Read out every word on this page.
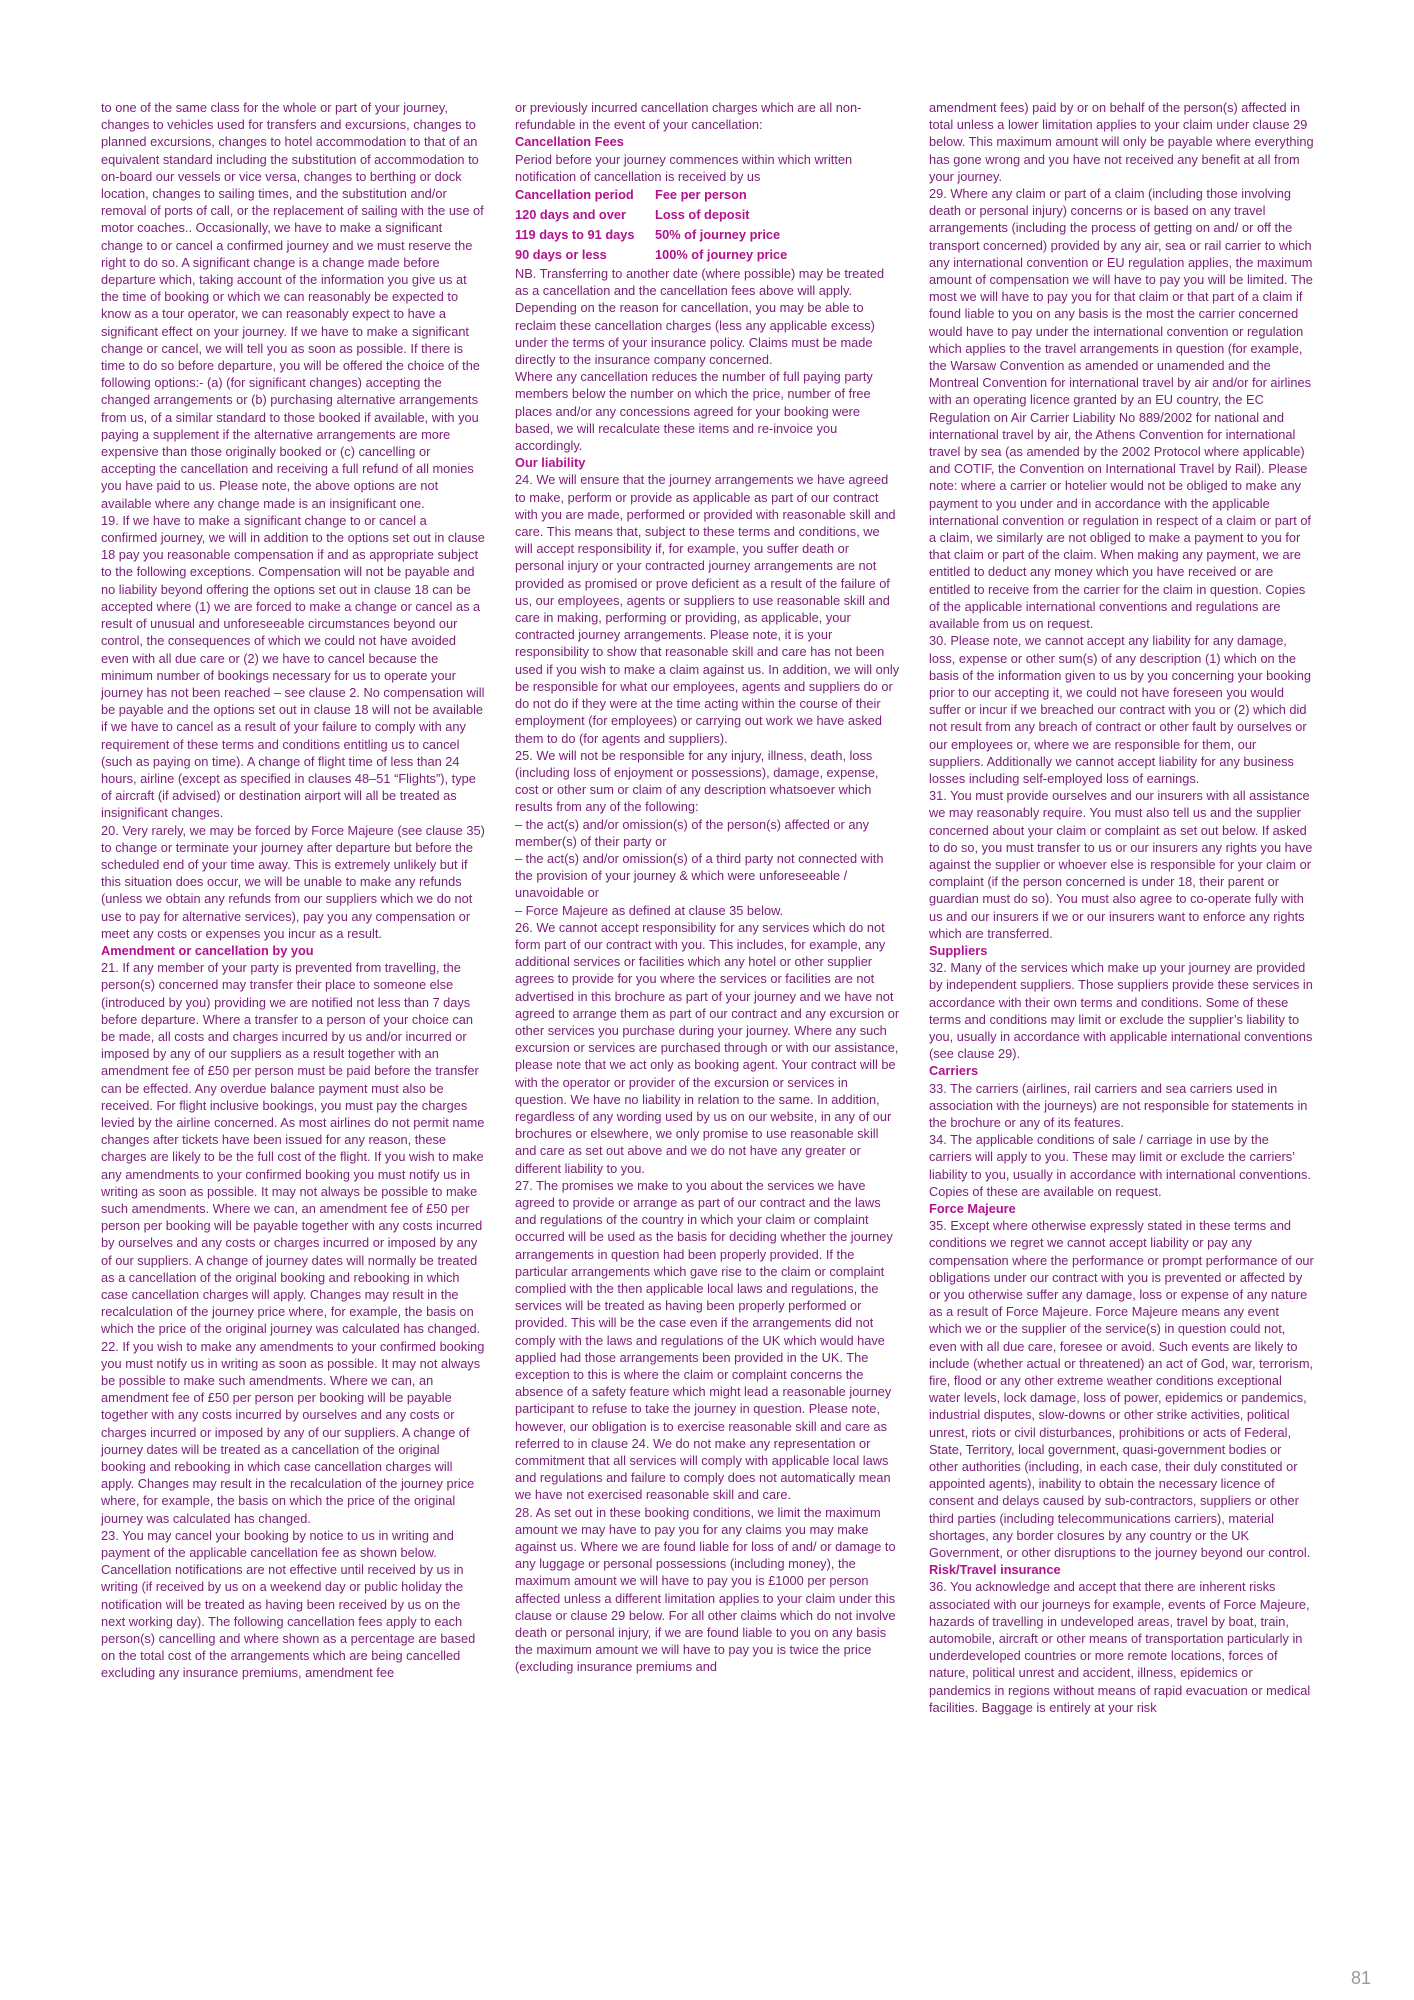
to one of the same class for the whole or part of your journey, changes to vehicles used for transfers and excursions, changes to planned excursions, changes to hotel accommodation to that of an equivalent standard including the substitution of accommodation to on-board our vessels or vice versa, changes to berthing or dock location, changes to sailing times, and the substitution and/or removal of ports of call, or the replacement of sailing with the use of motor coaches.. Occasionally, we have to make a significant change to or cancel a confirmed journey and we must reserve the right to do so. A significant change is a change made before departure which, taking account of the information you give us at the time of booking or which we can reasonably be expected to know as a tour operator, we can reasonably expect to have a significant effect on your journey. If we have to make a significant change or cancel, we will tell you as soon as possible. If there is time to do so before departure, you will be offered the choice of the following options:- (a) (for significant changes) accepting the changed arrangements or (b) purchasing alternative arrangements from us, of a similar standard to those booked if available, with you paying a supplement if the alternative arrangements are more expensive than those originally booked or (c) cancelling or accepting the cancellation and receiving a full refund of all monies you have paid to us. Please note, the above options are not available where any change made is an insignificant one.

19. If we have to make a significant change to or cancel a confirmed journey, we will in addition to the options set out in clause 18 pay you reasonable compensation if and as appropriate subject to the following exceptions. Compensation will not be payable and no liability beyond offering the options set out in clause 18 can be accepted where (1) we are forced to make a change or cancel as a result of unusual and unforeseeable circumstances beyond our control, the consequences of which we could not have avoided even with all due care or (2) we have to cancel because the minimum number of bookings necessary for us to operate your journey has not been reached – see clause 2. No compensation will be payable and the options set out in clause 18 will not be available if we have to cancel as a result of your failure to comply with any requirement of these terms and conditions entitling us to cancel (such as paying on time). A change of flight time of less than 24 hours, airline (except as specified in clauses 48–51 “Flights”), type of aircraft (if advised) or destination airport will all be treated as insignificant changes.

20. Very rarely, we may be forced by Force Majeure (see clause 35) to change or terminate your journey after departure but before the scheduled end of your time away. This is extremely unlikely but if this situation does occur, we will be unable to make any refunds (unless we obtain any refunds from our suppliers which we do not use to pay for alternative services), pay you any compensation or meet any costs or expenses you incur as a result.

Amendment or cancellation by you

21. If any member of your party is prevented from travelling, the person(s) concerned may transfer their place to someone else (introduced by you) providing we are notified not less than 7 days before departure. Where a transfer to a person of your choice can be made, all costs and charges incurred by us and/or incurred or imposed by any of our suppliers as a result together with an amendment fee of £50 per person must be paid before the transfer can be effected. Any overdue balance payment must also be received. For flight inclusive bookings, you must pay the charges levied by the airline concerned. As most airlines do not permit name changes after tickets have been issued for any reason, these charges are likely to be the full cost of the flight. If you wish to make any amendments to your confirmed booking you must notify us in writing as soon as possible. It may not always be possible to make such amendments. Where we can, an amendment fee of £50 per person per booking will be payable together with any costs incurred by ourselves and any costs or charges incurred or imposed by any of our suppliers. A change of journey dates will normally be treated as a cancellation of the original booking and rebooking in which case cancellation charges will apply. Changes may result in the recalculation of the journey price where, for example, the basis on which the price of the original journey was calculated has changed.

22. If you wish to make any amendments to your confirmed booking you must notify us in writing as soon as possible. It may not always be possible to make such amendments. Where we can, an amendment fee of £50 per person per booking will be payable together with any costs incurred by ourselves and any costs or charges incurred or imposed by any of our suppliers. A change of journey dates will be treated as a cancellation of the original booking and rebooking in which case cancellation charges will apply. Changes may result in the recalculation of the journey price where, for example, the basis on which the price of the original journey was calculated has changed.

23. You may cancel your booking by notice to us in writing and payment of the applicable cancellation fee as shown below. Cancellation notifications are not effective until received by us in writing (if received by us on a weekend day or public holiday the notification will be treated as having been received by us on the next working day). The following cancellation fees apply to each person(s) cancelling and where shown as a percentage are based on the total cost of the arrangements which are being cancelled excluding any insurance premiums, amendment fee

or previously incurred cancellation charges which are all non-refundable in the event of your cancellation:

Cancellation Fees

Period before your journey commences within which written notification of cancellation is received by us

Cancellation period	Fee per person
120 days and over	Loss of deposit
119 days to 91 days	50% of journey price
90 days or less	100% of journey price

NB. Transferring to another date (where possible) may be treated as a cancellation and the cancellation fees above will apply.

Depending on the reason for cancellation, you may be able to reclaim these cancellation charges (less any applicable excess) under the terms of your insurance policy. Claims must be made directly to the insurance company concerned.

Where any cancellation reduces the number of full paying party members below the number on which the price, number of free places and/or any concessions agreed for your booking were based, we will recalculate these items and re-invoice you accordingly.

Our liability

24. We will ensure that the journey arrangements we have agreed to make, perform or provide as applicable as part of our contract with you are made, performed or provided with reasonable skill and care. This means that, subject to these terms and conditions, we will accept responsibility if, for example, you suffer death or personal injury or your contracted journey arrangements are not provided as promised or prove deficient as a result of the failure of us, our employees, agents or suppliers to use reasonable skill and care in making, performing or providing, as applicable, your contracted journey arrangements. Please note, it is your responsibility to show that reasonable skill and care has not been used if you wish to make a claim against us. In addition, we will only be responsible for what our employees, agents and suppliers do or do not do if they were at the time acting within the course of their employment (for employees) or carrying out work we have asked them to do (for agents and suppliers).

25. We will not be responsible for any injury, illness, death, loss (including loss of enjoyment or possessions), damage, expense, cost or other sum or claim of any description whatsoever which results from any of the following:

– the act(s) and/or omission(s) of the person(s) affected or any member(s) of their party or

– the act(s) and/or omission(s) of a third party not connected with the provision of your journey & which were unforeseeable / unavoidable or

– Force Majeure as defined at clause 35 below.

26. We cannot accept responsibility for any services which do not form part of our contract with you. This includes, for example, any additional services or facilities which any hotel or other supplier agrees to provide for you where the services or facilities are not advertised in this brochure as part of your journey and we have not agreed to arrange them as part of our contract and any excursion or other services you purchase during your journey. Where any such excursion or services are purchased through or with our assistance, please note that we act only as booking agent. Your contract will be with the operator or provider of the excursion or services in question. We have no liability in relation to the same. In addition, regardless of any wording used by us on our website, in any of our brochures or elsewhere, we only promise to use reasonable skill and care as set out above and we do not have any greater or different liability to you.

27. The promises we make to you about the services we have agreed to provide or arrange as part of our contract and the laws and regulations of the country in which your claim or complaint occurred will be used as the basis for deciding whether the journey arrangements in question had been properly provided. If the particular arrangements which gave rise to the claim or complaint complied with the then applicable local laws and regulations, the services will be treated as having been properly performed or provided. This will be the case even if the arrangements did not comply with the laws and regulations of the UK which would have applied had those arrangements been provided in the UK. The exception to this is where the claim or complaint concerns the absence of a safety feature which might lead a reasonable journey participant to refuse to take the journey in question. Please note, however, our obligation is to exercise reasonable skill and care as referred to in clause 24. We do not make any representation or commitment that all services will comply with applicable local laws and regulations and failure to comply does not automatically mean we have not exercised reasonable skill and care.

28. As set out in these booking conditions, we limit the maximum amount we may have to pay you for any claims you may make against us. Where we are found liable for loss of and/ or damage to any luggage or personal possessions (including money), the maximum amount we will have to pay you is £1000 per person affected unless a different limitation applies to your claim under this clause or clause 29 below. For all other claims which do not involve death or personal injury, if we are found liable to you on any basis the maximum amount we will have to pay you is twice the price (excluding insurance premiums and

amendment fees) paid by or on behalf of the person(s) affected in total unless a lower limitation applies to your claim under clause 29 below. This maximum amount will only be payable where everything has gone wrong and you have not received any benefit at all from your journey.

29. Where any claim or part of a claim (including those involving death or personal injury) concerns or is based on any travel arrangements (including the process of getting on and/ or off the transport concerned) provided by any air, sea or rail carrier to which any international convention or EU regulation applies, the maximum amount of compensation we will have to pay you will be limited. The most we will have to pay you for that claim or that part of a claim if found liable to you on any basis is the most the carrier concerned would have to pay under the international convention or regulation which applies to the travel arrangements in question (for example, the Warsaw Convention as amended or unamended and the Montreal Convention for international travel by air and/or for airlines with an operating licence granted by an EU country, the EC Regulation on Air Carrier Liability No 889/2002 for national and international travel by air, the Athens Convention for international travel by sea (as amended by the 2002 Protocol where applicable) and COTIF, the Convention on International Travel by Rail). Please note: where a carrier or hotelier would not be obliged to make any payment to you under and in accordance with the applicable international convention or regulation in respect of a claim or part of a claim, we similarly are not obliged to make a payment to you for that claim or part of the claim. When making any payment, we are entitled to deduct any money which you have received or are entitled to receive from the carrier for the claim in question. Copies of the applicable international conventions and regulations are available from us on request.

30. Please note, we cannot accept any liability for any damage, loss, expense or other sum(s) of any description (1) which on the basis of the information given to us by you concerning your booking prior to our accepting it, we could not have foreseen you would suffer or incur if we breached our contract with you or (2) which did not result from any breach of contract or other fault by ourselves or our employees or, where we are responsible for them, our suppliers. Additionally we cannot accept liability for any business losses including self-employed loss of earnings.

31. You must provide ourselves and our insurers with all assistance we may reasonably require. You must also tell us and the supplier concerned about your claim or complaint as set out below. If asked to do so, you must transfer to us or our insurers any rights you have against the supplier or whoever else is responsible for your claim or complaint (if the person concerned is under 18, their parent or guardian must do so). You must also agree to co-operate fully with us and our insurers if we or our insurers want to enforce any rights which are transferred.

Suppliers

32. Many of the services which make up your journey are provided by independent suppliers. Those suppliers provide these services in accordance with their own terms and conditions. Some of these terms and conditions may limit or exclude the supplier’s liability to you, usually in accordance with applicable international conventions (see clause 29).

Carriers

33. The carriers (airlines, rail carriers and sea carriers used in association with the journeys) are not responsible for statements in the brochure or any of its features.

34. The applicable conditions of sale / carriage in use by the carriers will apply to you. These may limit or exclude the carriers’ liability to you, usually in accordance with international conventions. Copies of these are available on request.

Force Majeure

35. Except where otherwise expressly stated in these terms and conditions we regret we cannot accept liability or pay any compensation where the performance or prompt performance of our obligations under our contract with you is prevented or affected by or you otherwise suffer any damage, loss or expense of any nature as a result of Force Majeure. Force Majeure means any event which we or the supplier of the service(s) in question could not, even with all due care, foresee or avoid. Such events are likely to include (whether actual or threatened) an act of God, war, terrorism, fire, flood or any other extreme weather conditions exceptional water levels, lock damage, loss of power, epidemics or pandemics, industrial disputes, slow-downs or other strike activities, political unrest, riots or civil disturbances, prohibitions or acts of Federal, State, Territory, local government, quasi-government bodies or other authorities (including, in each case, their duly constituted or appointed agents), inability to obtain the necessary licence of consent and delays caused by sub-contractors, suppliers or other third parties (including telecommunications carriers), material shortages, any border closures by any country or the UK Government, or other disruptions to the journey beyond our control.

Risk/Travel insurance

36. You acknowledge and accept that there are inherent risks associated with our journeys for example, events of Force Majeure, hazards of travelling in undeveloped areas, travel by boat, train, automobile, aircraft or other means of transportation particularly in underdeveloped countries or more remote locations, forces of nature, political unrest and accident, illness, epidemics or pandemics in regions without means of rapid evacuation or medical facilities. Baggage is entirely at your risk

81
